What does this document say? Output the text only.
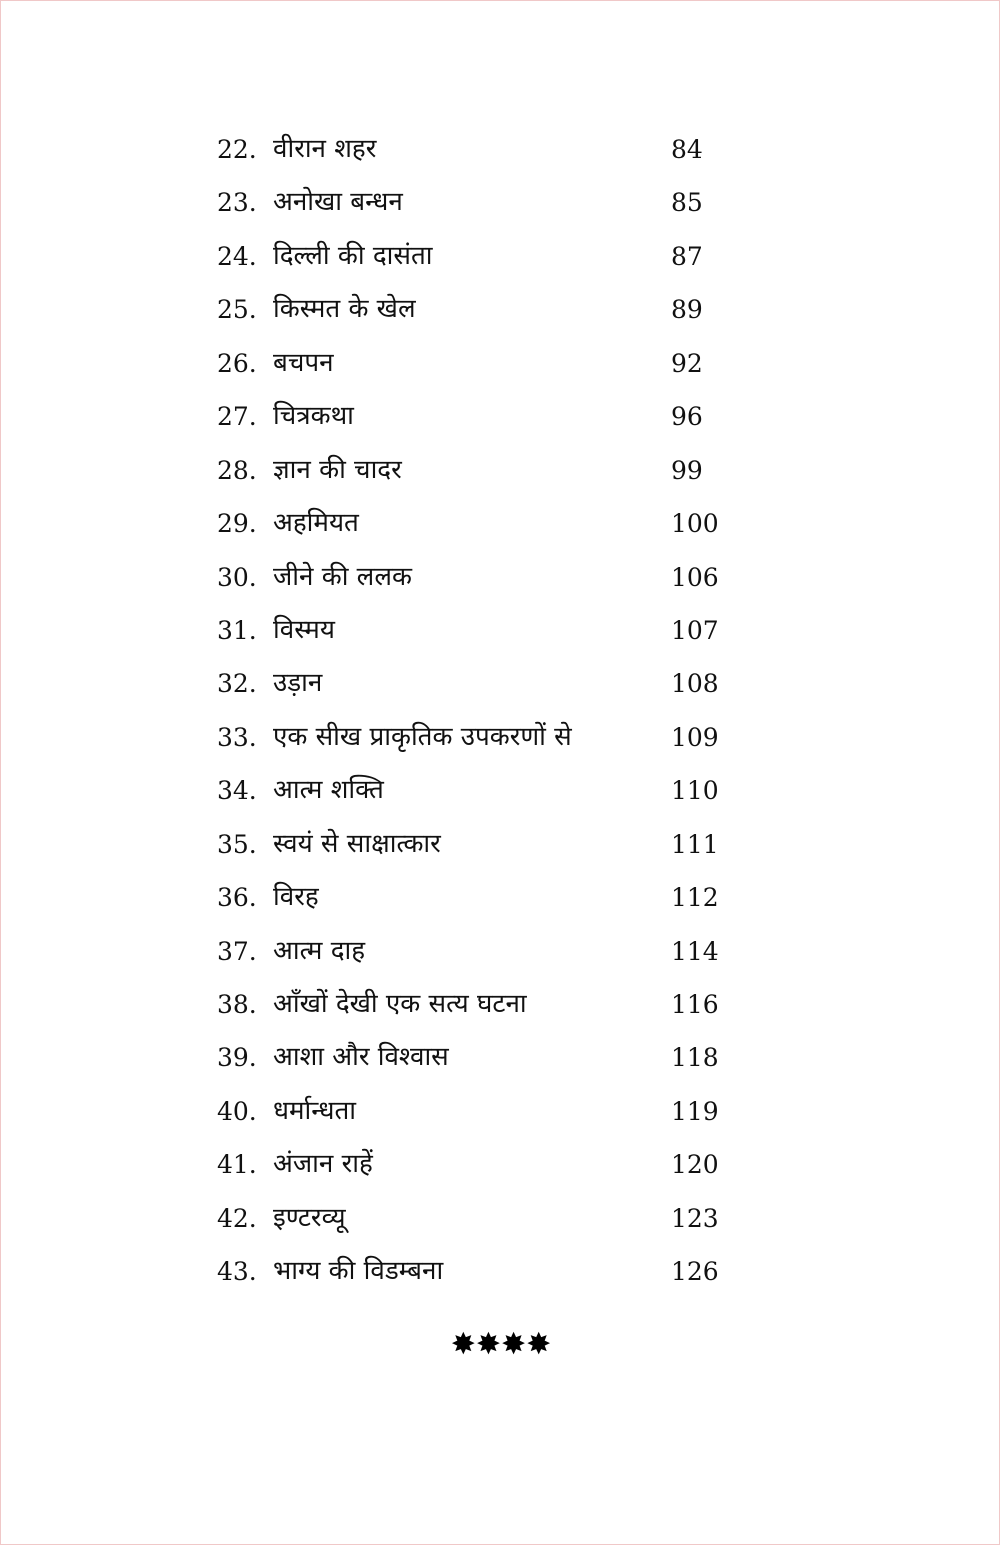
22. वीरान शहर	84
23. अनोखा बन्धन	85
24. दिल्ली की दासंता	87
25. किस्मत के खेल	89
26. बचपन	92
27. चित्रकथा	96
28. ज्ञान की चादर	99
29. अहमियत	100
30. जीने की ललक	106
31. विस्मय	107
32. उड़ान	108
33. एक सीख प्राकृतिक उपकरणों से	109
34. आत्म शक्ति	110
35. स्वयं से साक्षात्कार	111
36. विरह	112
37. आत्म दाह	114
38. आँखों देखी एक सत्य घटना	116
39. आशा और विश्वास	118
40. धर्मान्धता	119
41. अंजान राहें	120
42. इण्टरव्यू	123
43. भाग्य की विडम्बना	126
✸✸✸✸
